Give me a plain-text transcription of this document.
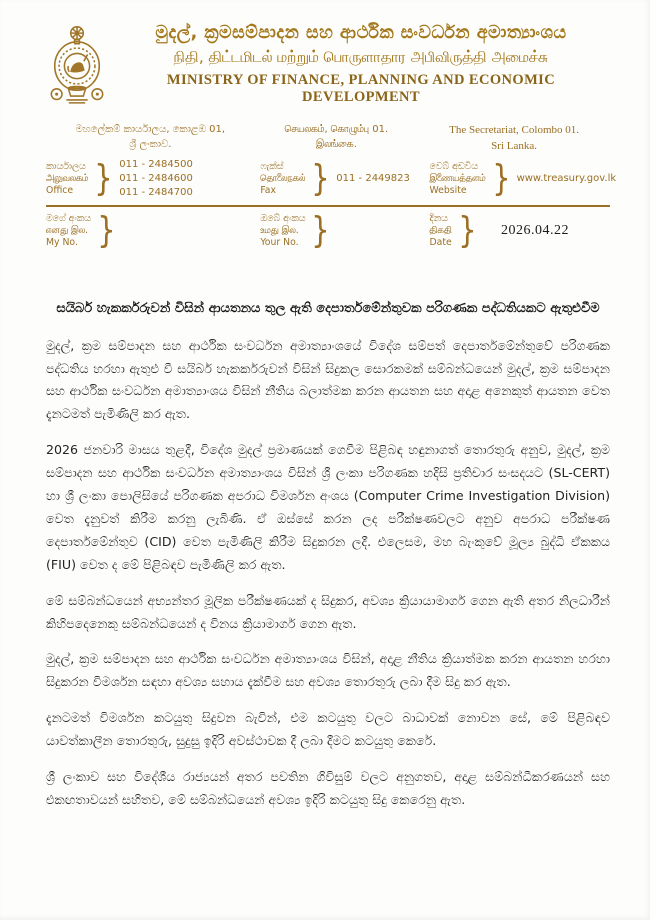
මුදල්, ක්‍රමසම්පාදන සහ ආර්ථික සංවර්ධන අමාත්‍යාංශය
நிதி, திட்டமிடல் மற்றும் பொருளாதார அபிவிருத்தி அமைச்சு
MINISTRY OF FINANCE, PLANNING AND ECONOMIC DEVELOPMENT
මහලේකම් කාර්යාලය, කොළඹ 01,
ශ්‍රී ලංකාව.
செயலகம், கொழும்பு 01.
இலங்கை.
The Secretariat, Colombo 01.
Sri Lanka.
කාර්යාලය
அலுவலகம்
Office } 011 - 2484500
011 - 2484600
011 - 2484700
ෆැක්ස්
தொலைநகல்
Fax } 011 - 2449823
වෙබ් අඩවිය
இணையத்தளம்
Website } www.treasury.gov.lk
මගේ අංකය
எனது இல.
My No. }	ඔබේ අංකය
உமது இல.
Your No. }	දිනය
திகதி
Date } 2026.04.22
සයිබර් හැකර්කරුවන් විසින් ආයතනය තුල ඇති දෙපාර්තමේන්තුවක පරිගණක පද්ධතියකට ඇතුළුවීම

මුදල්, ක්‍රම සම්පාදන සහ ආර්ථික සංවර්ධන අමාත්‍යාංශයේ විදේශ සම්පත් දෙපාර්තමේන්තුවේ පරිගණක පද්ධතිය හරහා ඇතුළු වී සයිබර් හැකර්කරුවන් විසින් සිදුකල සොරකමක් සම්බන්ධයෙන් මුදල්, ක්‍රම සම්පාදන සහ ආර්ථික සංවර්ධන අමාත්‍යාංශය විසින් නීතිය බලාත්මක කරන ආයතන සහ අදාළ අනෙකුත් ආයතන වෙත දැනටමත් පැමිණිලි කර ඇත.

2026 ජනවාරි මාසය තුළදී, විදේශ මුදල් ප්‍රමාණයක් ගෙවීම පිළිබඳ හඳුනාගත් තොරතුරු අනුව, මුදල්, ක්‍රම සම්පාදන සහ ආර්ථික සංවර්ධන අමාත්‍යාංශය විසින් ශ්‍රී ලංකා පරිගණක හදිසි ප්‍රතිචාර සංසදයට (SL-CERT) හා ශ්‍රී ලංකා පොලිසියේ පරිගණක අපරාධ විමර්ශන අංශය (Computer Crime Investigation Division) වෙත දැනුවත් කිරීම කරනු ලැබිණි. ඒ ඔස්සේ කරන ලද පරීක්ෂණවලට අනුව අපරාධ පරීක්ෂණ දෙපාර්තමේන්තුව (CID) වෙත පැමිණිලි කිරීම සිදුකරන ලදී. එලෙසම, මහ බැංකුවේ මූල්‍ය බුද්ධි ඒකකය (FIU) වෙත ද මේ පිළිබඳව පැමිණිලි කර ඇත.

මේ සම්බන්ධයෙන් අභ්‍යන්තර මූලික පරීක්ෂණයක් ද සිදුකර, අවශ්‍ය ක්‍රියායාමාර්ග ගෙන ඇති අතර නිලධාරීන් කිහිපදෙනෙකු සම්බන්ධයෙන් ද විනය ක්‍රියාමාර්ග ගෙන ඇත.

මුදල්, ක්‍රම සම්පාදන සහ ආර්ථික සංවර්ධන අමාත්‍යාංශය විසින්, අදාළ නීතිය ක්‍රියාත්මක කරන ආයතන හරහා සිදුකරන විමර්ශන සඳහා අවශ්‍ය සහාය දැක්වීම සහ අවශ්‍ය තොරතුරු ලබා දීම සිදු කර ඇත.

දැනටමත් විමර්ශන කටයුතු සිදුවන බැවින්, එම කටයුතු වලට බාධාවක් නොවන සේ, මේ පිළිබඳව යාවත්කාලීන තොරතුරු, සුදුසු ඉදිරි අවස්ථාවක දී ලබා දීමට කටයුතු කෙරේ.

ශ්‍රී ලංකාව සහ විදේශීය රාජ්‍යයන් අතර පවතින ගිවිසුම් වලට අනුගතව, අදාළ සම්බන්ධීකරණයන් සහ එකඟතාවයන් සහිතව, මේ සම්බන්ධයෙන් අවශ්‍ය ඉදිරි කටයුතු සිදු කෙරෙනු ඇත.
